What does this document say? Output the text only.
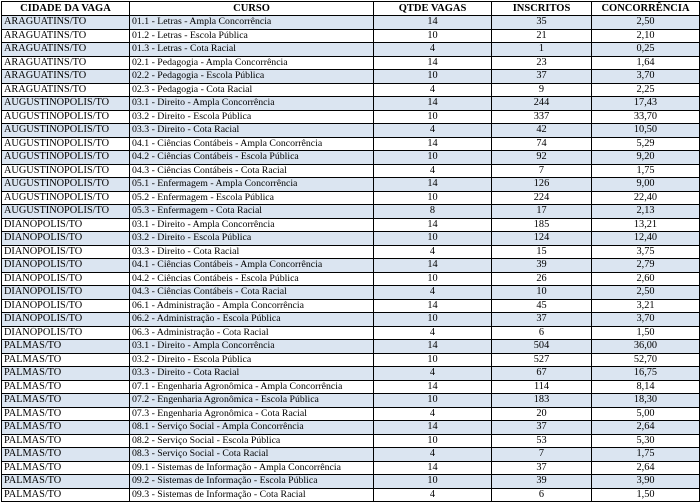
CIDADE DA VAGA	CURSO	QTDE VAGAS	INSCRITOS	CONCORRÊNCIA
ARAGUATINS/TO	01.1 - Letras - Ampla Concorrência	14	35	2,50
ARAGUATINS/TO	01.2 - Letras - Escola Pública	10	21	2,10
ARAGUATINS/TO	01.3 - Letras - Cota Racial	4	1	0,25
ARAGUATINS/TO	02.1 - Pedagogia - Ampla Concorrência	14	23	1,64
ARAGUATINS/TO	02.2 - Pedagogia - Escola Pública	10	37	3,70
ARAGUATINS/TO	02.3 - Pedagogia - Cota Racial	4	9	2,25
AUGUSTINÓPOLIS/TO	03.1 - Direito - Ampla Concorrência	14	244	17,43
AUGUSTINÓPOLIS/TO	03.2 - Direito - Escola Pública	10	337	33,70
AUGUSTINÓPOLIS/TO	03.3 - Direito - Cota Racial	4	42	10,50
AUGUSTINÓPOLIS/TO	04.1 - Ciências Contábeis - Ampla Concorrência	14	74	5,29
AUGUSTINÓPOLIS/TO	04.2 - Ciências Contábeis - Escola Pública	10	92	9,20
AUGUSTINÓPOLIS/TO	04.3 - Ciências Contábeis - Cota Racial	4	7	1,75
AUGUSTINÓPOLIS/TO	05.1 - Enfermagem - Ampla Concorrência	14	126	9,00
AUGUSTINÓPOLIS/TO	05.2 - Enfermagem - Escola Pública	10	224	22,40
AUGUSTINÓPOLIS/TO	05.3 - Enfermagem - Cota Racial	8	17	2,13
DIANÓPOLIS/TO	03.1 - Direito - Ampla Concorrência	14	185	13,21
DIANÓPOLIS/TO	03.2 - Direito - Escola Pública	10	124	12,40
DIANÓPOLIS/TO	03.3 - Direito - Cota Racial	4	15	3,75
DIANÓPOLIS/TO	04.1 - Ciências Contábeis - Ampla Concorrência	14	39	2,79
DIANÓPOLIS/TO	04.2 - Ciências Contábeis - Escola Pública	10	26	2,60
DIANÓPOLIS/TO	04.3 - Ciências Contábeis - Cota Racial	4	10	2,50
DIANÓPOLIS/TO	06.1 - Administração - Ampla Concorrência	14	45	3,21
DIANÓPOLIS/TO	06.2 - Administração - Escola Pública	10	37	3,70
DIANÓPOLIS/TO	06.3 - Administração - Cota Racial	4	6	1,50
PALMAS/TO	03.1 - Direito - Ampla Concorrência	14	504	36,00
PALMAS/TO	03.2 - Direito - Escola Pública	10	527	52,70
PALMAS/TO	03.3 - Direito - Cota Racial	4	67	16,75
PALMAS/TO	07.1 - Engenharia Agronômica - Ampla Concorrência	14	114	8,14
PALMAS/TO	07.2 - Engenharia Agronômica - Escola Pública	10	183	18,30
PALMAS/TO	07.3 - Engenharia Agronômica - Cota Racial	4	20	5,00
PALMAS/TO	08.1 - Serviço Social - Ampla Concorrência	14	37	2,64
PALMAS/TO	08.2 - Serviço Social - Escola Pública	10	53	5,30
PALMAS/TO	08.3 - Serviço Social - Cota Racial	4	7	1,75
PALMAS/TO	09.1 - Sistemas de Informação - Ampla Concorrência	14	37	2,64
PALMAS/TO	09.2 - Sistemas de Informação - Escola Pública	10	39	3,90
PALMAS/TO	09.3 - Sistemas de Informação - Cota Racial	4	6	1,50
